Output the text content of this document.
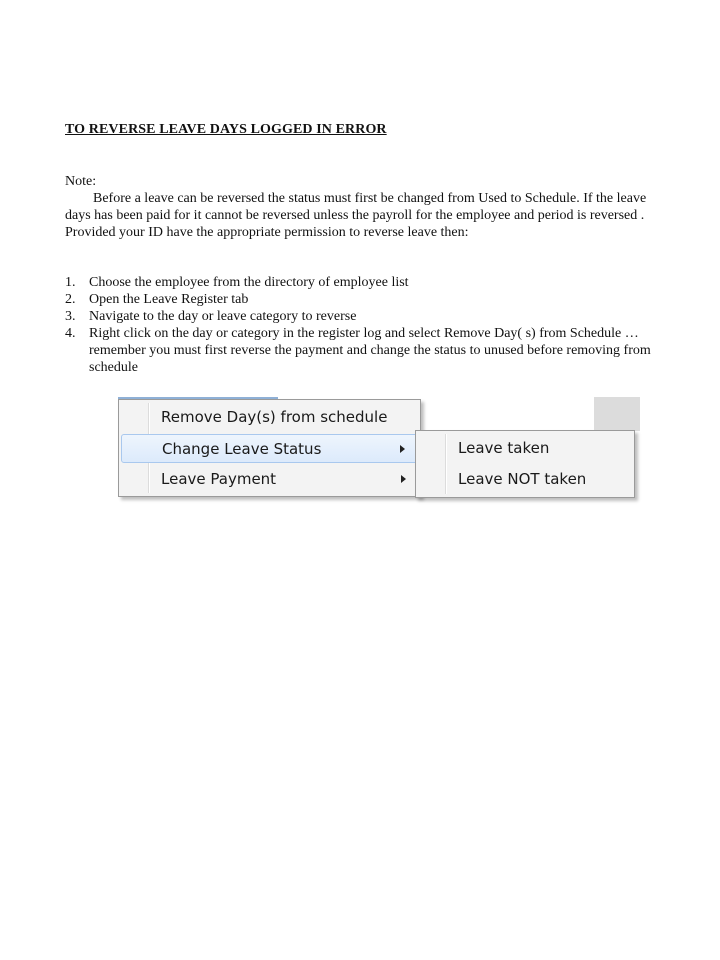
TO REVERSE LEAVE DAYS LOGGED IN ERROR
Note:
Before a leave can be reversed the status must first be changed from Used to Schedule. If the leave days has been paid for it cannot be reversed unless the payroll for the employee and period is reversed . Provided your ID have the appropriate permission to reverse leave then:
1. Choose the employee from the directory of employee list
2. Open the Leave Register tab
3. Navigate to the day or leave category to reverse
4. Right click on the day or category in the register log and select Remove Day( s) from Schedule … remember you must first reverse the payment and change the status to unused before removing from schedule
Remove Day(s) from schedule
Change Leave Status
Leave Payment
Leave taken
Leave NOT taken
